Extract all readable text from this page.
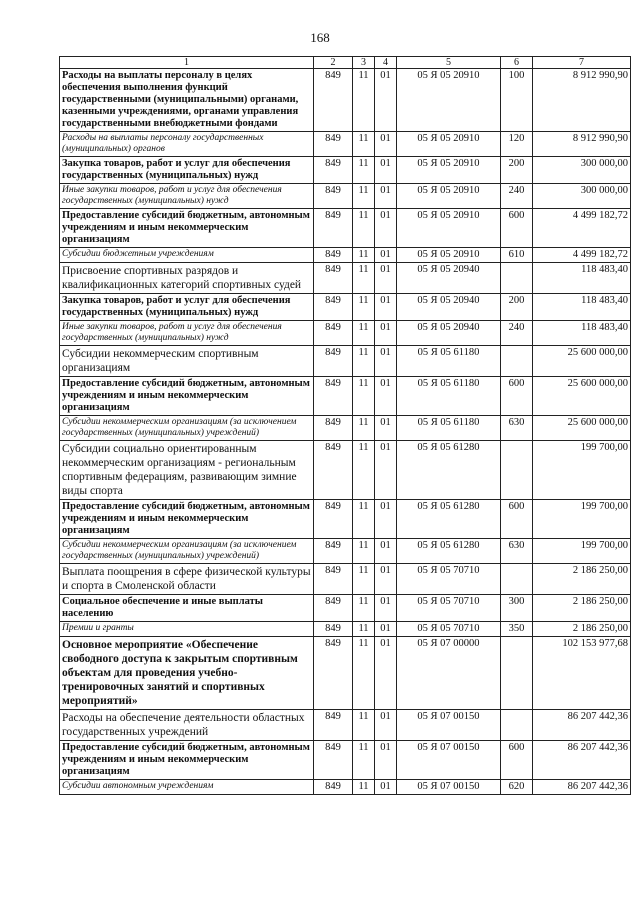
168
1	2	3	4	5	6	7
Расходы на выплаты персоналу в целях обеспечения выполнения функций государственными (муниципальными) органами, казенными учреждениями, органами управления государственными внебюджетными фондами	849	11	01	05 Я 05 20910	100	8 912 990,90
Расходы на выплаты персоналу государственных (муниципальных) органов	849	11	01	05 Я 05 20910	120	8 912 990,90
Закупка товаров, работ и услуг для обеспечения государственных (муниципальных) нужд	849	11	01	05 Я 05 20910	200	300 000,00
Иные закупки товаров, работ и услуг для обеспечения государственных (муниципальных) нужд	849	11	01	05 Я 05 20910	240	300 000,00
Предоставление субсидий бюджетным, автономным учреждениям и иным некоммерческим организациям	849	11	01	05 Я 05 20910	600	4 499 182,72
Субсидии бюджетным учреждениям	849	11	01	05 Я 05 20910	610	4 499 182,72
Присвоение спортивных разрядов и квалификационных категорий спортивных судей	849	11	01	05 Я 05 20940		118 483,40
Закупка товаров, работ и услуг для обеспечения государственных (муниципальных) нужд	849	11	01	05 Я 05 20940	200	118 483,40
Иные закупки товаров, работ и услуг для обеспечения государственных (муниципальных) нужд	849	11	01	05 Я 05 20940	240	118 483,40
Субсидии некоммерческим спортивным организациям	849	11	01	05 Я 05 61180		25 600 000,00
Предоставление субсидий бюджетным, автономным учреждениям и иным некоммерческим организациям	849	11	01	05 Я 05 61180	600	25 600 000,00
Субсидии некоммерческим организациям (за исключением государственных (муниципальных) учреждений)	849	11	01	05 Я 05 61180	630	25 600 000,00
Субсидии социально ориентированным некоммерческим организациям - региональным спортивным федерациям, развивающим зимние виды спорта	849	11	01	05 Я 05 61280		199 700,00
Предоставление субсидий бюджетным, автономным учреждениям и иным некоммерческим организациям	849	11	01	05 Я 05 61280	600	199 700,00
Субсидии некоммерческим организациям (за исключением государственных (муниципальных) учреждений)	849	11	01	05 Я 05 61280	630	199 700,00
Выплата поощрения в сфере физической культуры и спорта в Смоленской области	849	11	01	05 Я 05 70710		2 186 250,00
Социальное обеспечение и иные выплаты населению	849	11	01	05 Я 05 70710	300	2 186 250,00
Премии и гранты	849	11	01	05 Я 05 70710	350	2 186 250,00
Основное мероприятие «Обеспечение свободного доступа к закрытым спортивным объектам для проведения учебно-тренировочных занятий и спортивных мероприятий»	849	11	01	05 Я 07 00000		102 153 977,68
Расходы на обеспечение деятельности областных государственных учреждений	849	11	01	05 Я 07 00150		86 207 442,36
Предоставление субсидий бюджетным, автономным учреждениям и иным некоммерческим организациям	849	11	01	05 Я 07 00150	600	86 207 442,36
Субсидии автономным учреждениям	849	11	01	05 Я 07 00150	620	86 207 442,36
